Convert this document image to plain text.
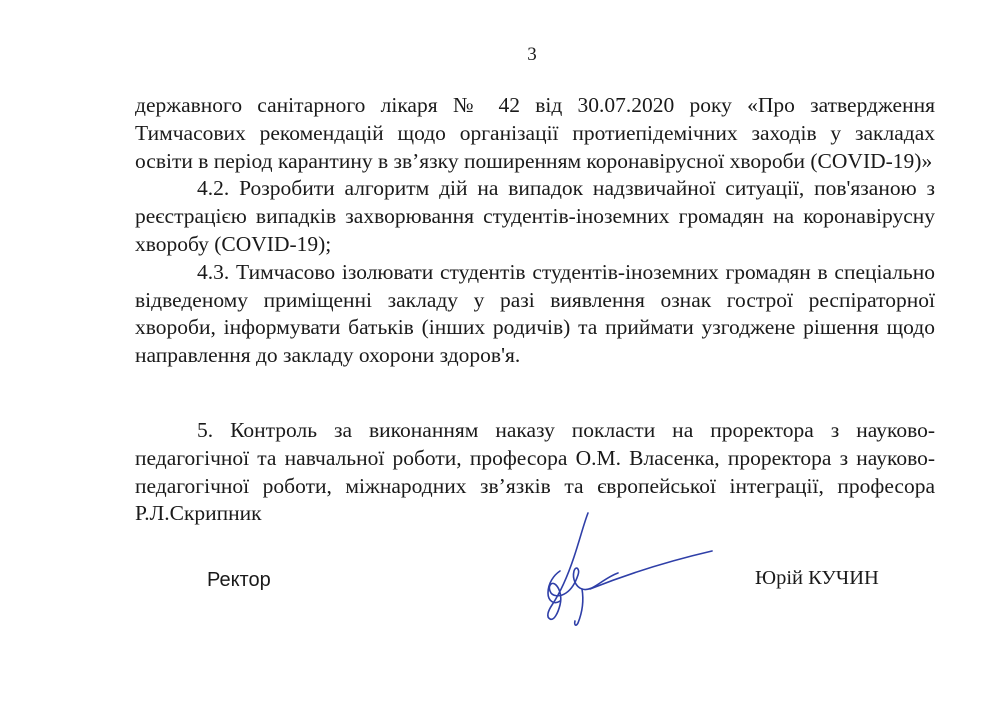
3

державного санітарного лікаря № 42 від 30.07.2020 року «Про затвердження Тимчасових рекомендацій щодо організації протиепідемічних заходів у закладах освіти в період карантину в зв’язку поширенням коронавірусної хвороби (COVID-19)»

4.2. Розробити алгоритм дій на випадок надзвичайної ситуації, пов'язаною з реєстрацією випадків захворювання студентів-іноземних громадян на коронавірусну хворобу (COVID-19);

4.3. Тимчасово ізолювати студентів студентів-іноземних громадян в спеціально відведеному приміщенні закладу у разі виявлення ознак гострої респіраторної хвороби, інформувати батьків (інших родичів) та приймати узгоджене рішення щодо направлення до закладу охорони здоров'я.

5. Контроль за виконанням наказу покласти на проректора з науково-педагогічної та навчальної роботи, професора О.М. Власенка, проректора з науково-педагогічної роботи, міжнародних зв’язків та європейської інтеграції, професора Р.Л.Скрипник

Ректор	Юрій КУЧИН
